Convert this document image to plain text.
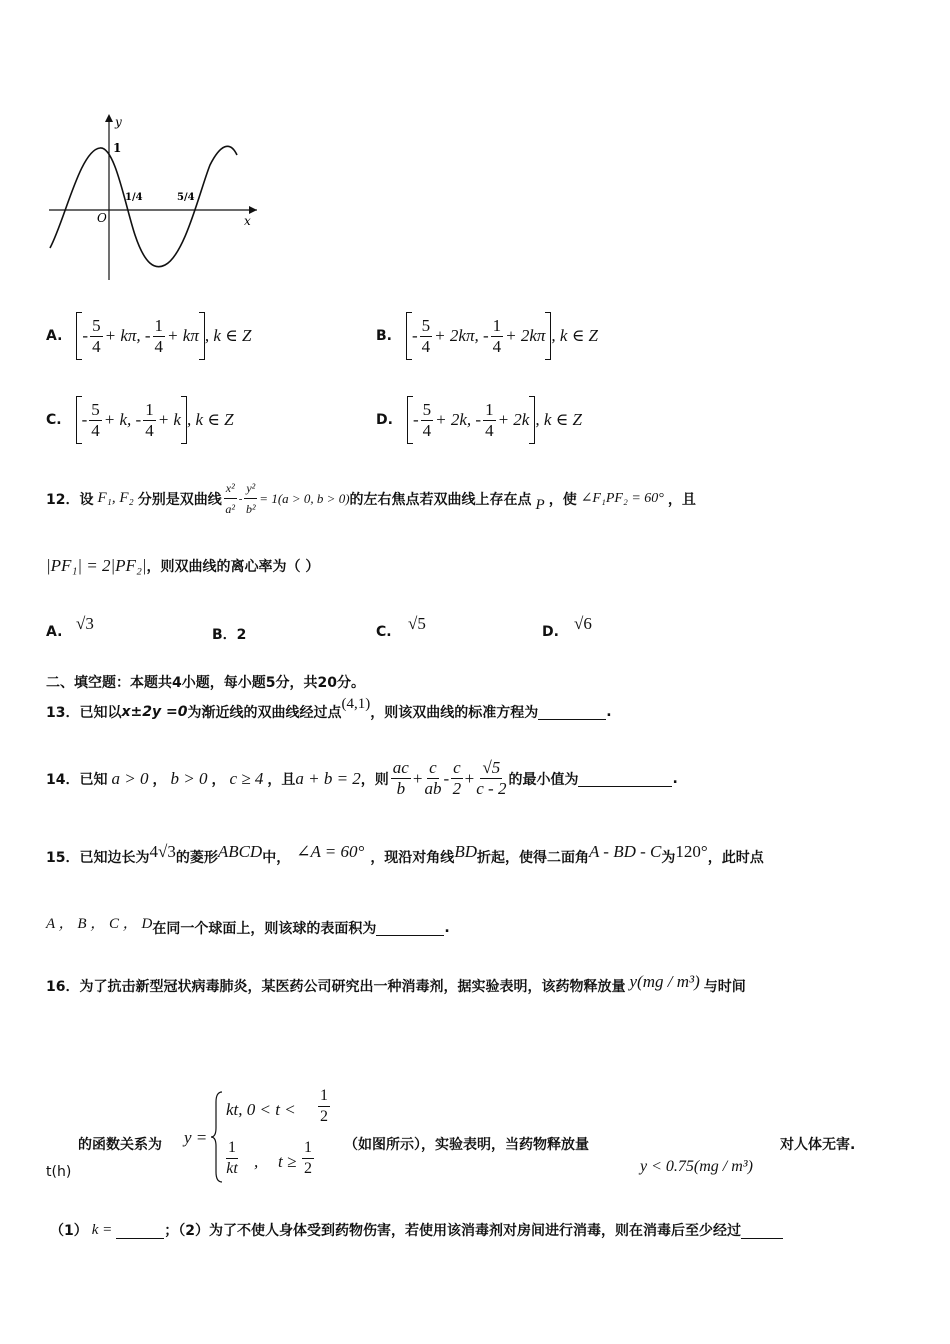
y
x
O
1
1/4	5/4
A. - $\frac{5}{4} + k\pi$, - $\frac{1}{4} + k\pi$ , k ∈ Z	B. - $\frac{5}{4} + 2k\pi$, - $\frac{1}{4} + 2k\pi$ , k ∈ Z
C. - $\frac{5}{4} + k$, - $\frac{1}{4} + k$ , k ∈ Z	D. - $\frac{5}{4} + 2k$, - $\frac{1}{4} + 2k$ , k ∈ Z
12．设 F₁, F₂ 分别是双曲线 $\frac{\text{x²}}{\text{a²}} - \frac{\text{y²}}{\text{b²}} = 1(a > 0$, b > 0) 的左右焦点若双曲线上存在点 P ，使 ∠F₁PF₂ = 60° ，且
|PF₁| = 2|PF₂| ，则双曲线的离心率为（ ）
A. √3
B．2	C. √5	D. √6
二、填空题：本题共4小题，每小题5分，共20分。
13．已知以 x±2y =0 为渐近线的双曲线经过点
(4,1)
，则该双曲线的标准方程为	.
14．已知 a > 0 ， b > 0 ， c ≥ 4 ，且 a + b = 2 ，则 $\frac{ac}{b} + \frac{c}{ab} - \frac{c}{2} + \frac{√5}{c - 2}$ 的最小值为	.
15．已知边长为 4√3 的菱形 ABCD 中， ∠A = 60° ，现沿对角线 BD 折起，使得二面角 A - BD - C 为 120° ，此时点
A ， B ， C ， D 在同一个球面上，则该球的表面积为	.
16．为了抗击新型冠状病毒肺炎，某医药公司研究出一种消毒剂，据实验表明，该药物释放量 y(mg / m³) 与时间
的函数关系为 y =
kt, $0 < t < \frac{1}{2}$
$\frac{1}{kt}$ , $t \ge \frac{1}{2}$ （如图所示），实验表明，当药物释放量	对人体无害.
t(h)	y < 0.75(mg / m³)
（1） k =	；（2）为了不使人身体受到药物伤害，若使用该消毒剂对房间进行消毒，则在消毒后至少经过
